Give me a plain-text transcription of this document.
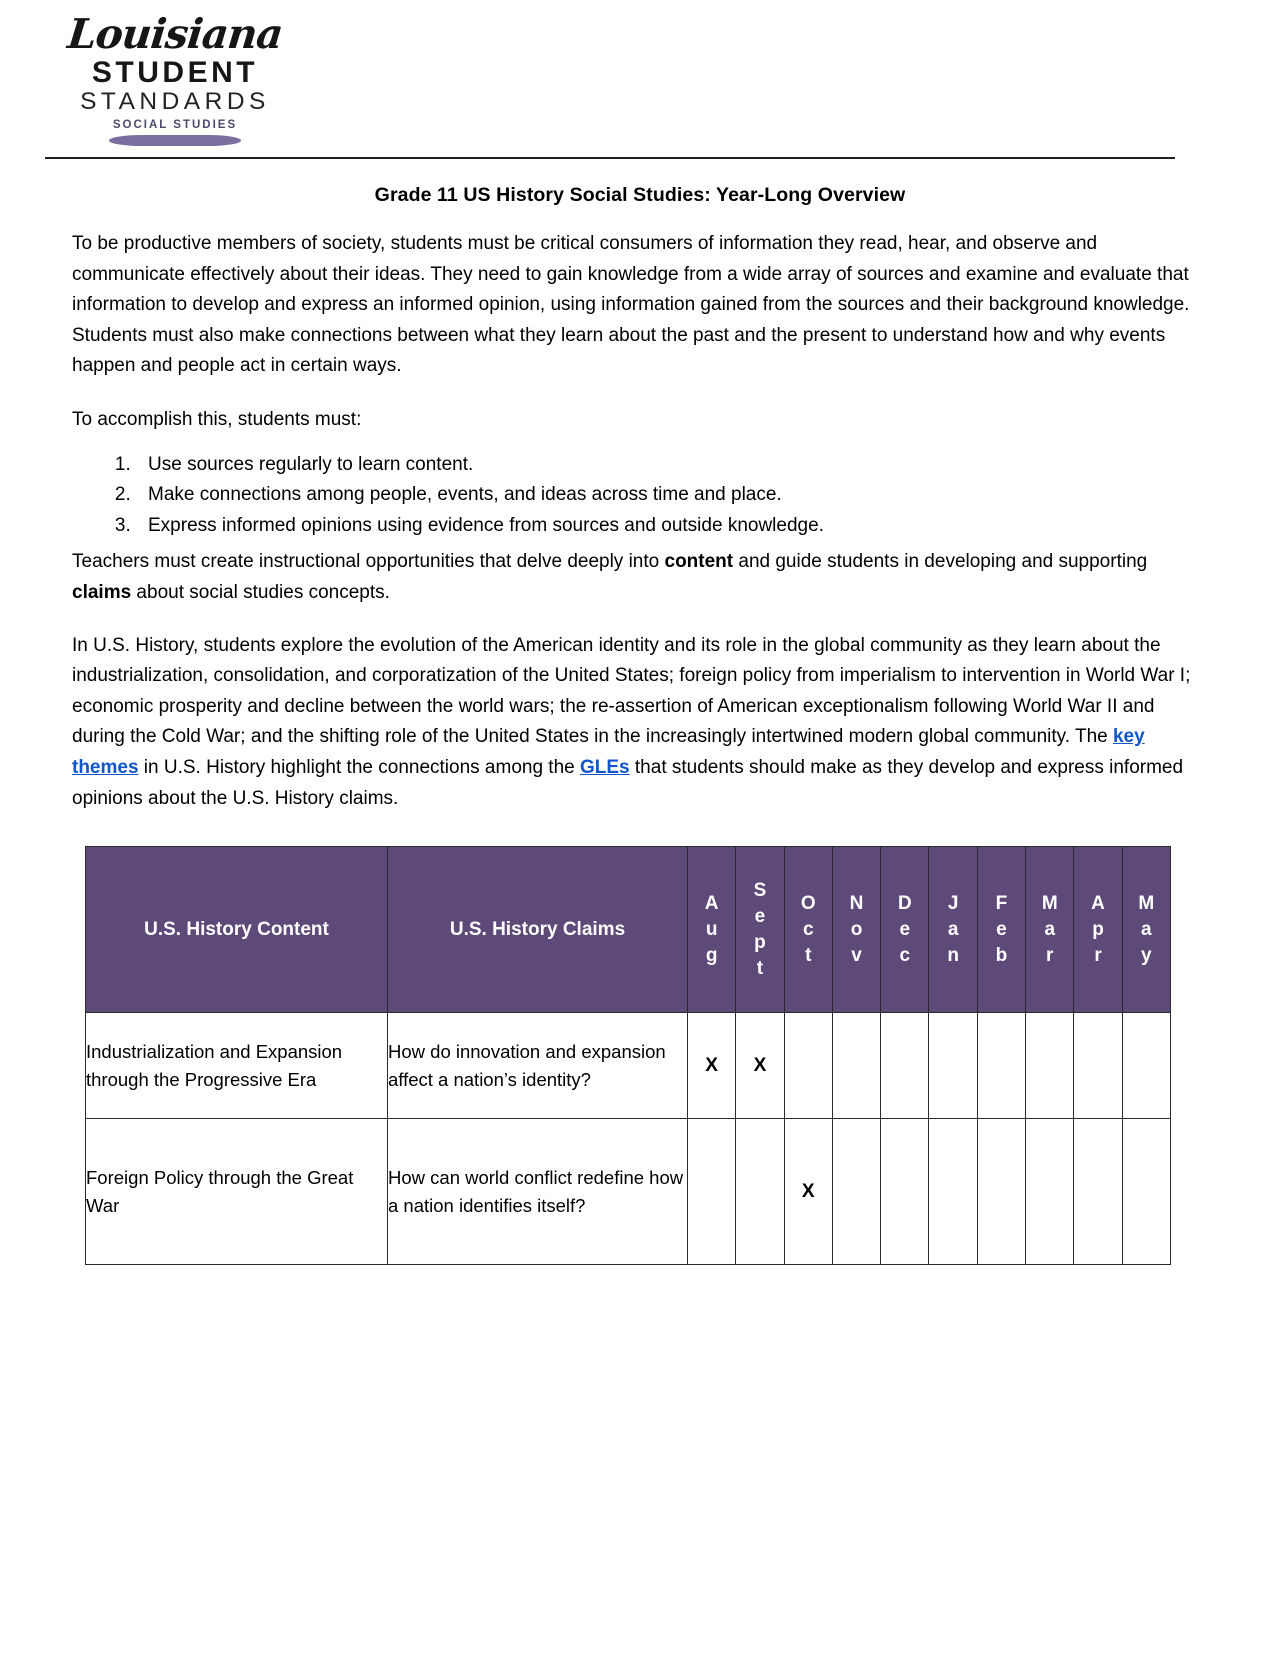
Louisiana
STUDENT
STANDARDS
SOCIAL STUDIES
Grade 11 US History Social Studies: Year-Long Overview

To be productive members of society, students must be critical consumers of information they read, hear, and observe and communicate effectively about their ideas. They need to gain knowledge from a wide array of sources and examine and evaluate that information to develop and express an informed opinion, using information gained from the sources and their background knowledge. Students must also make connections between what they learn about the past and the present to understand how and why events happen and people act in certain ways.

To accomplish this, students must:

1. Use sources regularly to learn content.
2. Make connections among people, events, and ideas across time and place.
3. Express informed opinions using evidence from sources and outside knowledge.

Teachers must create instructional opportunities that delve deeply into content and guide students in developing and supporting claims about social studies concepts.

In U.S. History, students explore the evolution of the American identity and its role in the global community as they learn about the industrialization, consolidation, and corporatization of the United States; foreign policy from imperialism to intervention in World War I; economic prosperity and decline between the world wars; the re-assertion of American exceptionalism following World War II and during the Cold War; and the shifting role of the United States in the increasingly intertwined modern global community. The key themes in U.S. History highlight the connections among the GLEs that students should make as they develop and express informed opinions about the U.S. History claims.

U.S. History Content	U.S. History Claims	A
u
g	S
e
p
t	O
c
t	N
o
v	D
e
c	J
a
n	F
e
b	M
a
r	A
p
r	M
a
y

Industrialization and Expansion through the Progressive Era	How do innovation and expansion affect a nation’s identity?	X	X								
Foreign Policy through the Great War	How can world conflict redefine how a nation identifies itself?			X							
